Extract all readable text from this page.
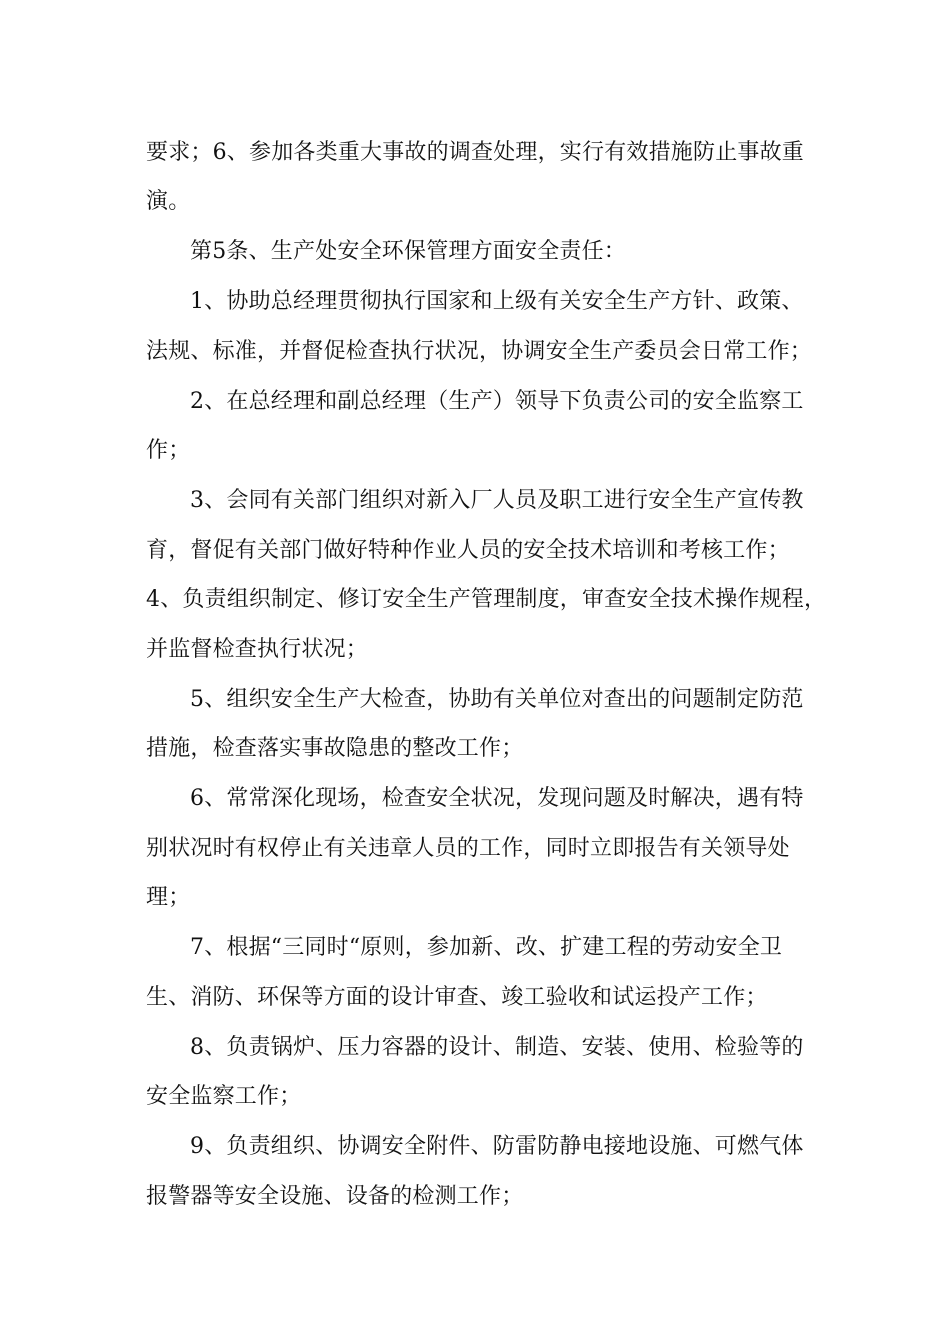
要求；6、参加各类重大事故的调查处理，实行有效措施防止事故重
演。
第5条、生产处安全环保管理方面安全责任：
1、协助总经理贯彻执行国家和上级有关安全生产方针、政策、
法规、标准，并督促检查执行状况，协调安全生产委员会日常工作；
2、在总经理和副总经理（生产）领导下负责公司的安全监察工
作；
3、会同有关部门组织对新入厂人员及职工进行安全生产宣传教
育，督促有关部门做好特种作业人员的安全技术培训和考核工作；
4、负责组织制定、修订安全生产管理制度，审查安全技术操作规程，
并监督检查执行状况；
5、组织安全生产大检查，协助有关单位对查出的问题制定防范
措施，检查落实事故隐患的整改工作；
6、常常深化现场，检查安全状况，发现问题及时解决，遇有特
别状况时有权停止有关违章人员的工作，同时立即报告有关领导处
理；
7、根据“三同时“原则，参加新、改、扩建工程的劳动安全卫
生、消防、环保等方面的设计审查、竣工验收和试运投产工作；
8、负责锅炉、压力容器的设计、制造、安装、使用、检验等的
安全监察工作；
9、负责组织、协调安全附件、防雷防静电接地设施、可燃气体
报警器等安全设施、设备的检测工作；
